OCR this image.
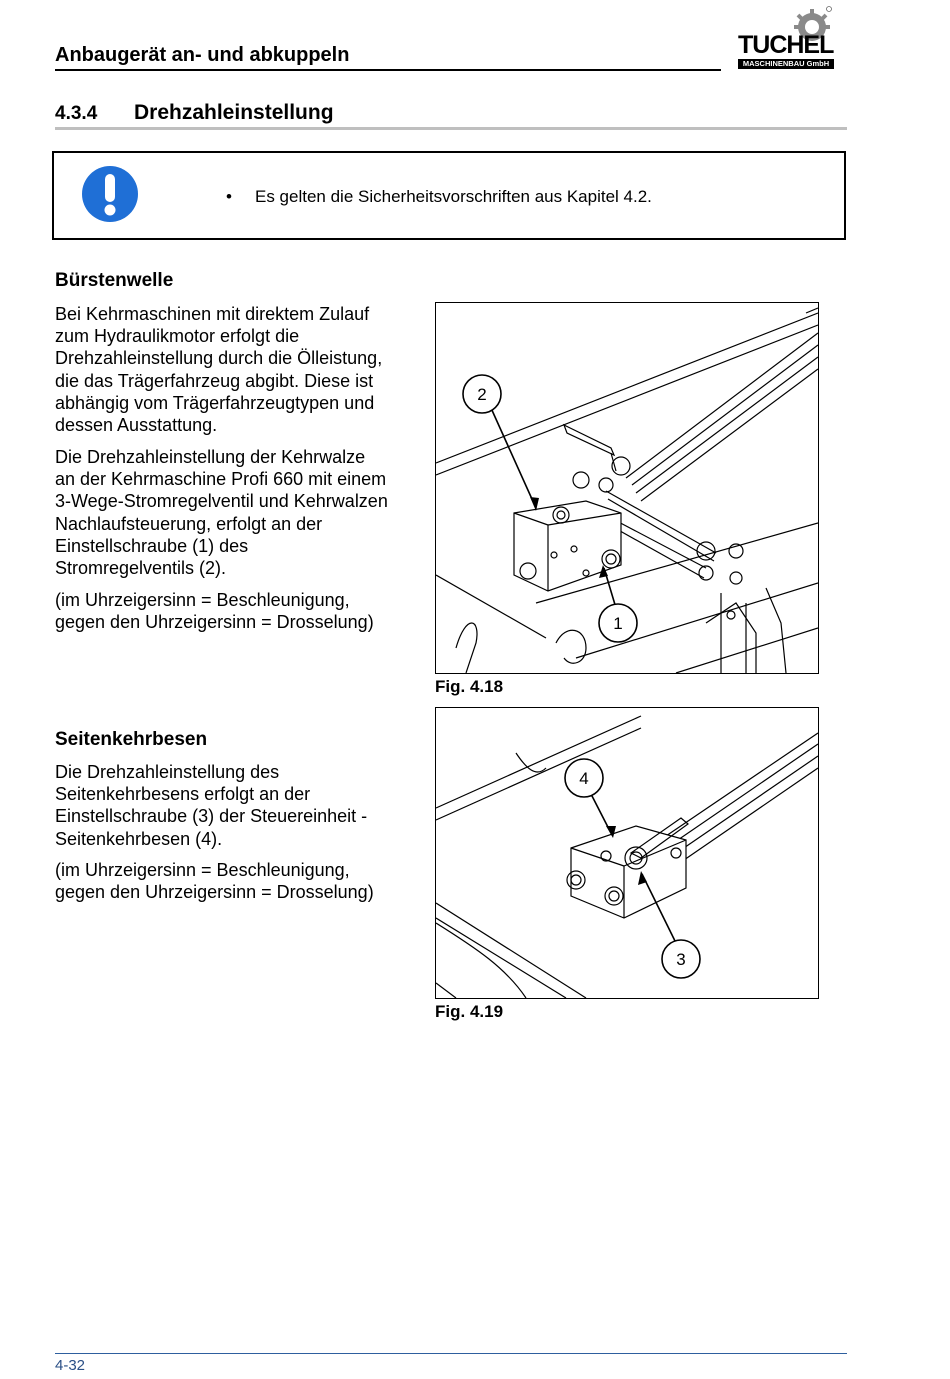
Anbaugerät an- und abkuppeln	TUCHEL
MASCHINENBAU GmbH
4.3.4 Drehzahleinstellung
• Es gelten die Sicherheitsvorschriften aus Kapitel 4.2.
Bürstenwelle
Bei Kehrmaschinen mit direktem Zulauf
zum Hydraulikmotor erfolgt die
Drehzahleinstellung durch die Ölleistung,
die das Trägerfahrzeug abgibt. Diese ist
abhängig vom Trägerfahrzeugtypen und
dessen Ausstattung.
Die Drehzahleinstellung der Kehrwalze
an der Kehrmaschine Profi 660 mit einem
3-Wege-Stromregelventil und Kehrwalzen
Nachlaufsteuerung, erfolgt an der
Einstellschraube (1) des
Stromregelventils (2).
(im Uhrzeigersinn = Beschleunigung,
gegen den Uhrzeigersinn = Drosselung)
2
1
Fig. 4.18
Seitenkehrbesen
Die Drehzahleinstellung des
Seitenkehrbesens erfolgt an der
Einstellschraube (3) der Steuereinheit -
Seitenkehrbesen (4).
(im Uhrzeigersinn = Beschleunigung,
gegen den Uhrzeigersinn = Drosselung)
4
3
Fig. 4.19
4-32
